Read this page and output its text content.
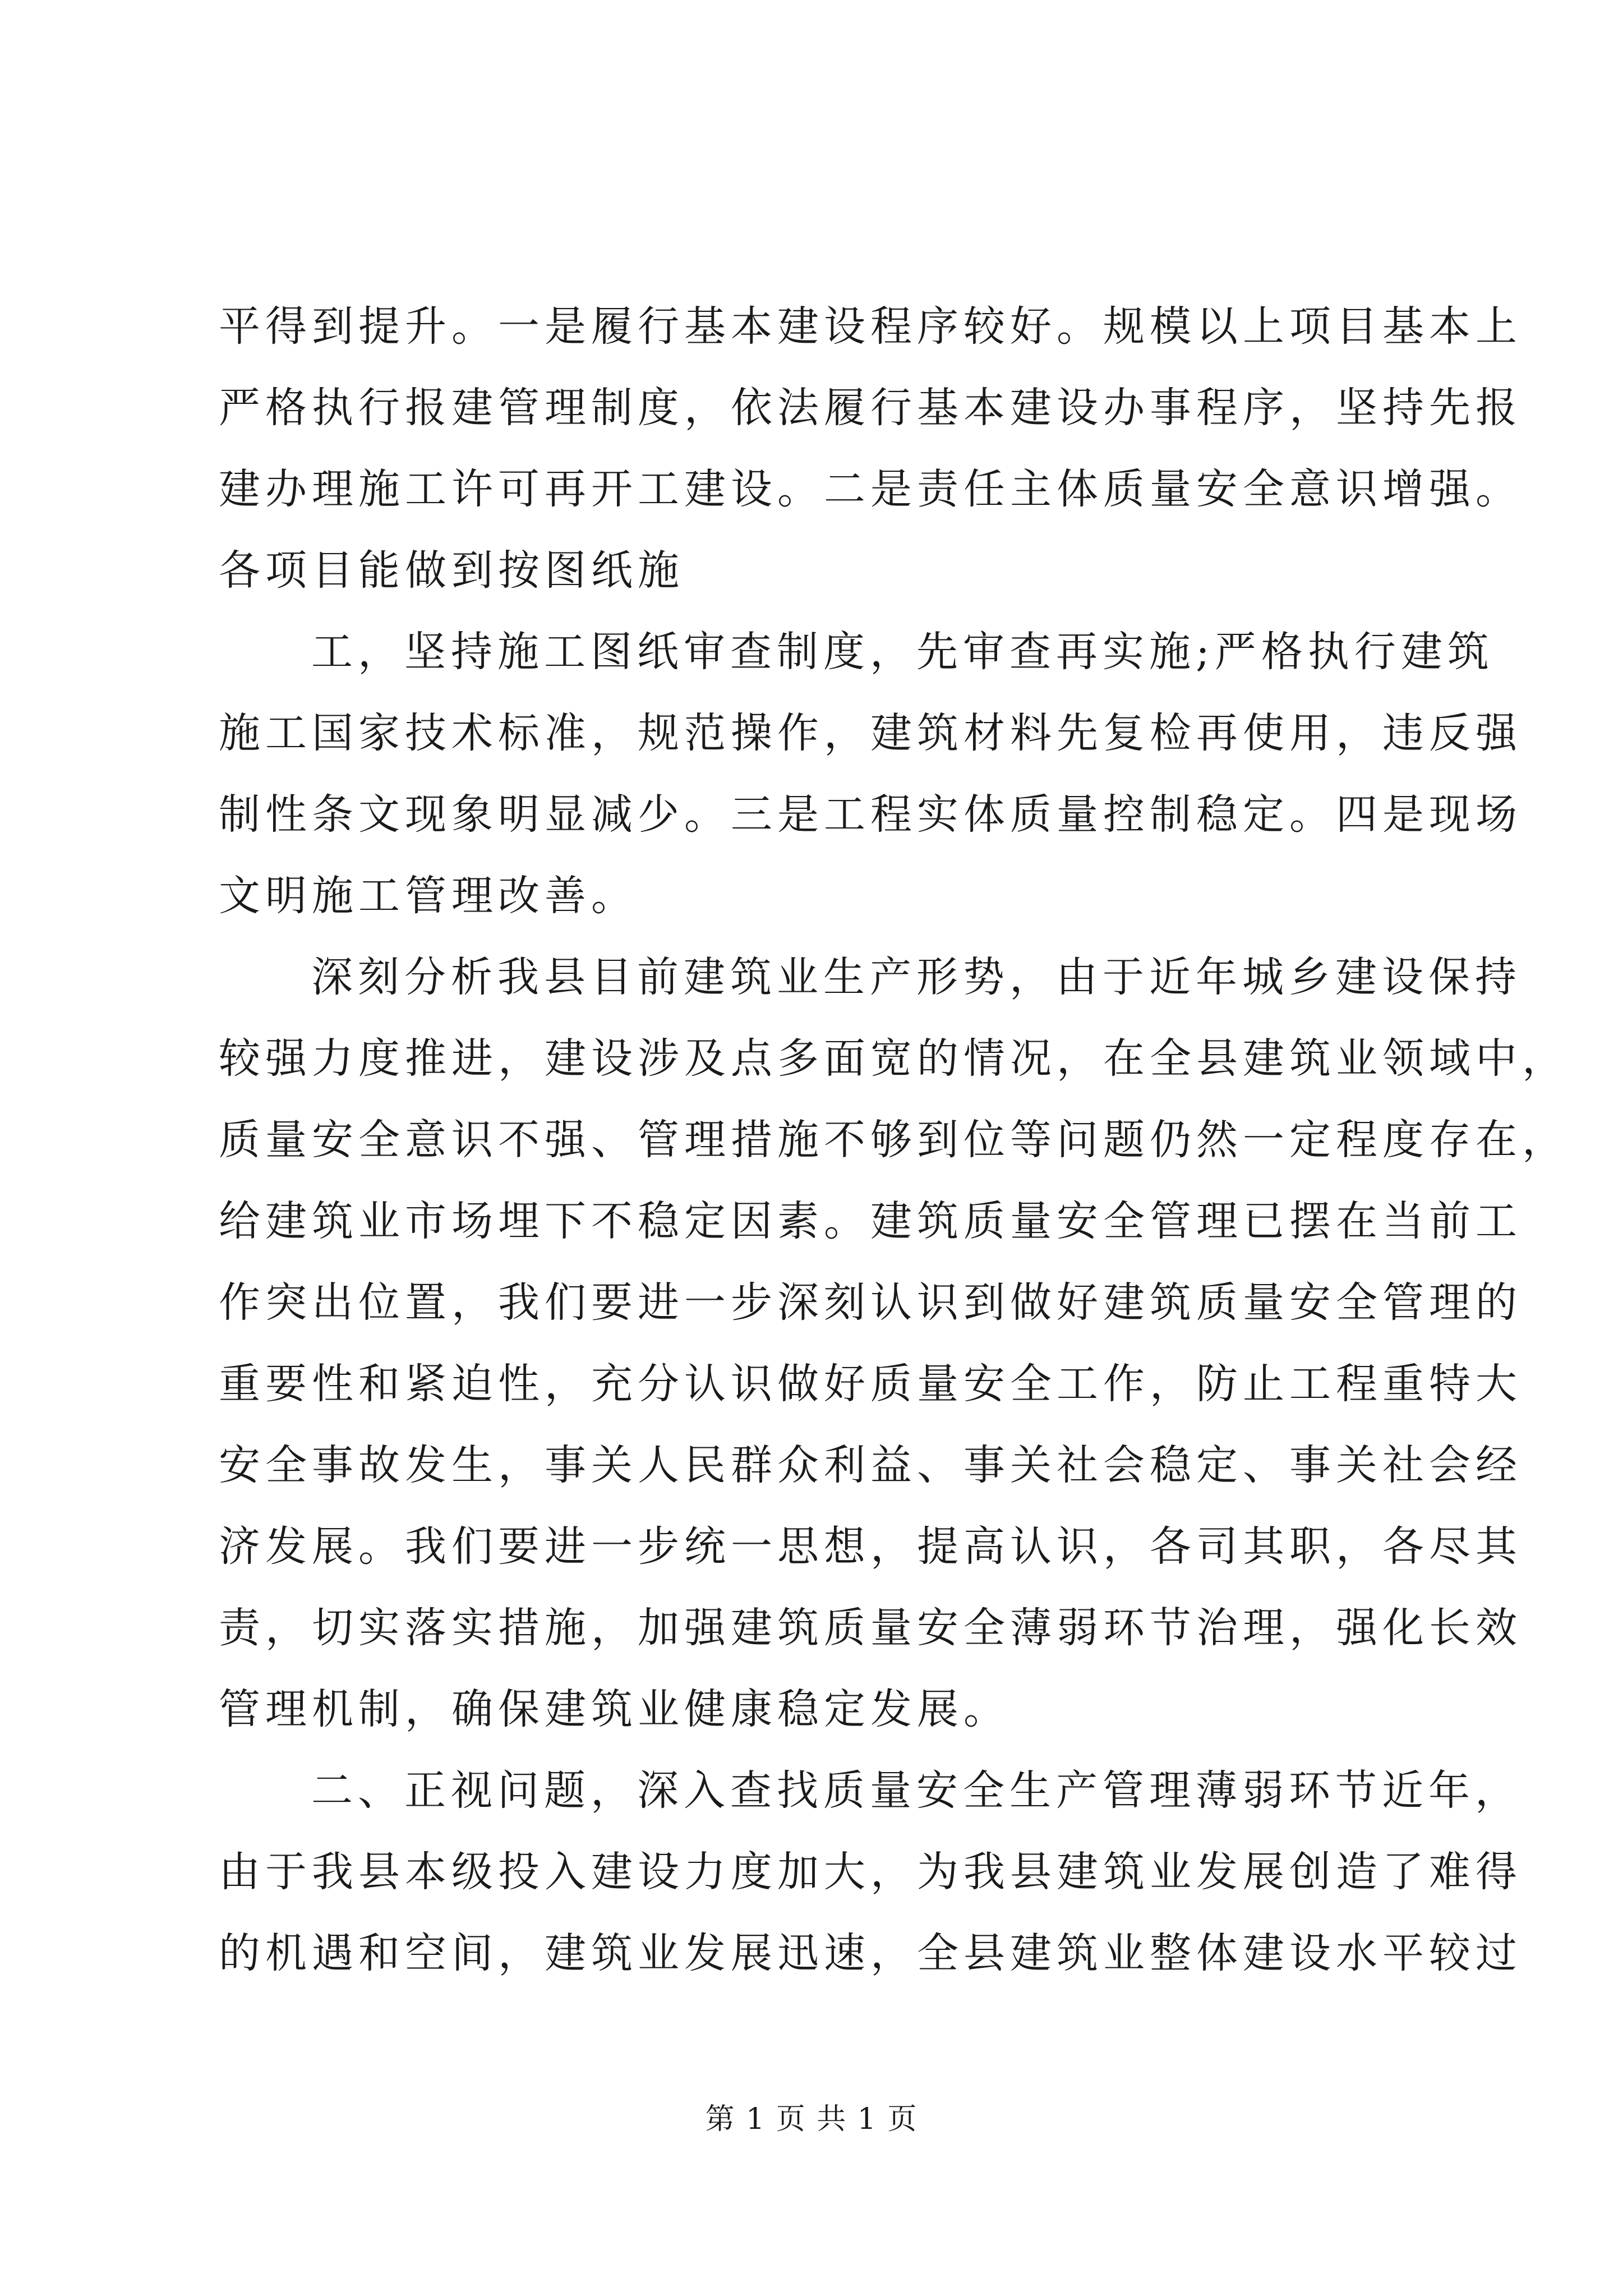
平得到提升。一是履行基本建设程序较好。规模以上项目基本上
严格执行报建管理制度，依法履行基本建设办事程序，坚持先报
建办理施工许可再开工建设。二是责任主体质量安全意识增强。
各项目能做到按图纸施

工，坚持施工图纸审查制度，先审查再实施;严格执行建筑
施工国家技术标准，规范操作，建筑材料先复检再使用，违反强
制性条文现象明显减少。三是工程实体质量控制稳定。四是现场
文明施工管理改善。

深刻分析我县目前建筑业生产形势，由于近年城乡建设保持
较强力度推进，建设涉及点多面宽的情况，在全县建筑业领域中，
质量安全意识不强、管理措施不够到位等问题仍然一定程度存在，
给建筑业市场埋下不稳定因素。建筑质量安全管理已摆在当前工
作突出位置，我们要进一步深刻认识到做好建筑质量安全管理的
重要性和紧迫性，充分认识做好质量安全工作，防止工程重特大
安全事故发生，事关人民群众利益、事关社会稳定、事关社会经
济发展。我们要进一步统一思想，提高认识，各司其职，各尽其
责，切实落实措施，加强建筑质量安全薄弱环节治理，强化长效
管理机制，确保建筑业健康稳定发展。

二、正视问题，深入查找质量安全生产管理薄弱环节近年，
由于我县本级投入建设力度加大，为我县建筑业发展创造了难得
的机遇和空间，建筑业发展迅速，全县建筑业整体建设水平较过

第 1 页 共 1 页
